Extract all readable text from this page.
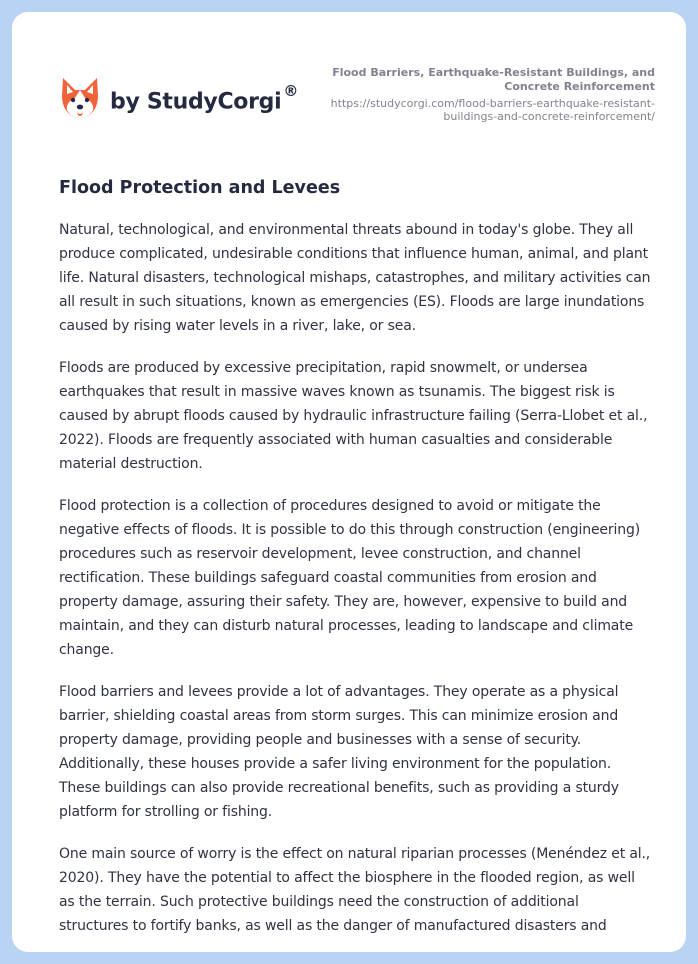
by StudyCorgi ®
Flood Barriers, Earthquake-Resistant Buildings, and Concrete Reinforcement
https://studycorgi.com/flood-barriers-earthquake-resistant-buildings-and-concrete-reinforcement/
Flood Protection and Levees

Natural, technological, and environmental threats abound in today's globe. They all produce complicated, undesirable conditions that influence human, animal, and plant life. Natural disasters, technological mishaps, catastrophes, and military activities can all result in such situations, known as emergencies (ES). Floods are large inundations caused by rising water levels in a river, lake, or sea.

Floods are produced by excessive precipitation, rapid snowmelt, or undersea earthquakes that result in massive waves known as tsunamis. The biggest risk is caused by abrupt floods caused by hydraulic infrastructure failing (Serra-Llobet et al., 2022). Floods are frequently associated with human casualties and considerable material destruction.

Flood protection is a collection of procedures designed to avoid or mitigate the negative effects of floods. It is possible to do this through construction (engineering) procedures such as reservoir development, levee construction, and channel rectification. These buildings safeguard coastal communities from erosion and property damage, assuring their safety. They are, however, expensive to build and maintain, and they can disturb natural processes, leading to landscape and climate change.

Flood barriers and levees provide a lot of advantages. They operate as a physical barrier, shielding coastal areas from storm surges. This can minimize erosion and property damage, providing people and businesses with a sense of security. Additionally, these houses provide a safer living environment for the population. These buildings can also provide recreational benefits, such as providing a sturdy platform for strolling or fishing.

One main source of worry is the effect on natural riparian processes (Menéndez et al., 2020). They have the potential to affect the biosphere in the flooded region, as well as the terrain. Such protective buildings need the construction of additional structures to fortify banks, as well as the danger of manufactured disasters and
